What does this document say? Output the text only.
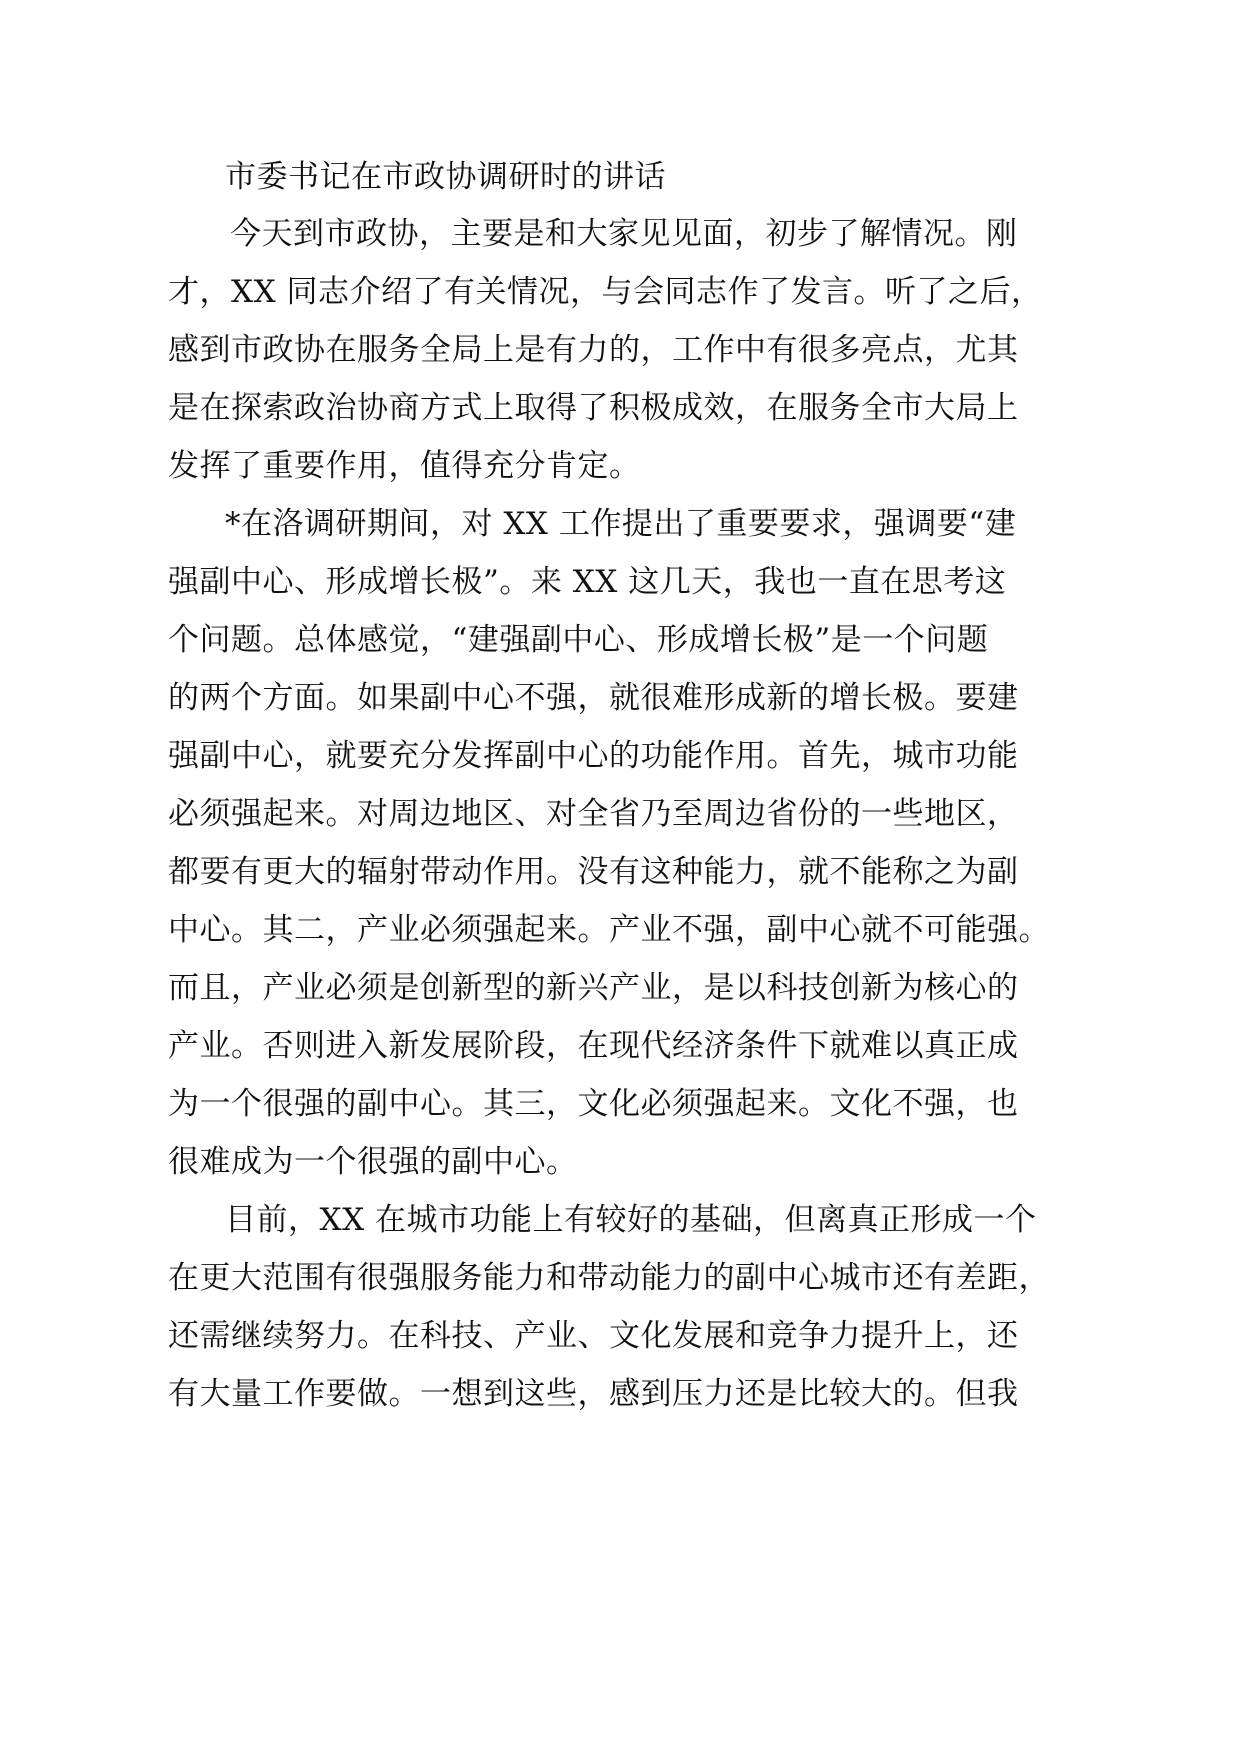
市委书记在市政协调研时的讲话
今天到市政协，主要是和大家见见面，初步了解情况。刚
才，XX 同志介绍了有关情况，与会同志作了发言。听了之后，
感到市政协在服务全局上是有力的，工作中有很多亮点，尤其
是在探索政治协商方式上取得了积极成效，在服务全市大局上
发挥了重要作用，值得充分肯定。
*在洛调研期间，对 XX 工作提出了重要要求，强调要“建
强副中心、形成增长极”。来 XX 这几天，我也一直在思考这
个问题。总体感觉，“建强副中心、形成增长极”是一个问题
的两个方面。如果副中心不强，就很难形成新的增长极。要建
强副中心，就要充分发挥副中心的功能作用。首先，城市功能
必须强起来。对周边地区、对全省乃至周边省份的一些地区，
都要有更大的辐射带动作用。没有这种能力，就不能称之为副
中心。其二，产业必须强起来。产业不强，副中心就不可能强。
而且，产业必须是创新型的新兴产业，是以科技创新为核心的
产业。否则进入新发展阶段，在现代经济条件下就难以真正成
为一个很强的副中心。其三，文化必须强起来。文化不强，也
很难成为一个很强的副中心。
目前，XX 在城市功能上有较好的基础，但离真正形成一个
在更大范围有很强服务能力和带动能力的副中心城市还有差距，
还需继续努力。在科技、产业、文化发展和竞争力提升上，还
有大量工作要做。一想到这些，感到压力还是比较大的。但我
